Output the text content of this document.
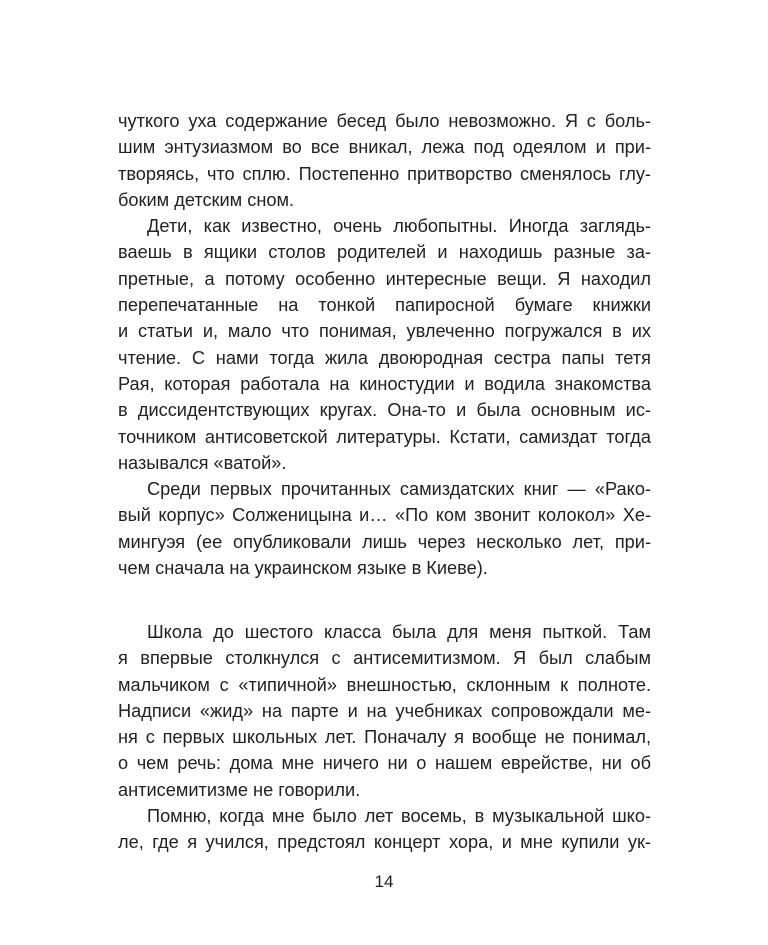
чуткого уха содержание бесед было невозможно. Я с боль-
шим энтузиазмом во все вникал, лежа под одеялом и при-
творяясь, что сплю. Постепенно притворство сменялось глу-
боким детским сном.
Дети, как известно, очень любопытны. Иногда заглядь-
ваешь в ящики столов родителей и находишь разные за-
претные, а потому особенно интересные вещи. Я находил
перепечатанные на тонкой папиросной бумаге книжки
и статьи и, мало что понимая, увлеченно погружался в их
чтение. С нами тогда жила двоюродная сестра папы тетя
Рая, которая работала на киностудии и водила знакомства
в диссидентствующих кругах. Она-то и была основным ис-
точником антисоветской литературы. Кстати, самиздат тогда
назывался «ватой».
Среди первых прочитанных самиздатских книг — «Рако-
вый корпус» Солженицына и… «По ком звонит колокол» Хе-
мингуэя (ее опубликовали лишь через несколько лет, при-
чем сначала на украинском языке в Киеве).
Школа до шестого класса была для меня пыткой. Там
я впервые столкнулся с антисемитизмом. Я был слабым
мальчиком с «типичной» внешностью, склонным к полноте.
Надписи «жид» на парте и на учебниках сопровождали ме-
ня с первых школьных лет. Поначалу я вообще не понимал,
о чем речь: дома мне ничего ни о нашем еврействе, ни об
антисемитизме не говорили.
Помню, когда мне было лет восемь, в музыкальной шко-
ле, где я учился, предстоял концерт хора, и мне купили ук-
14
